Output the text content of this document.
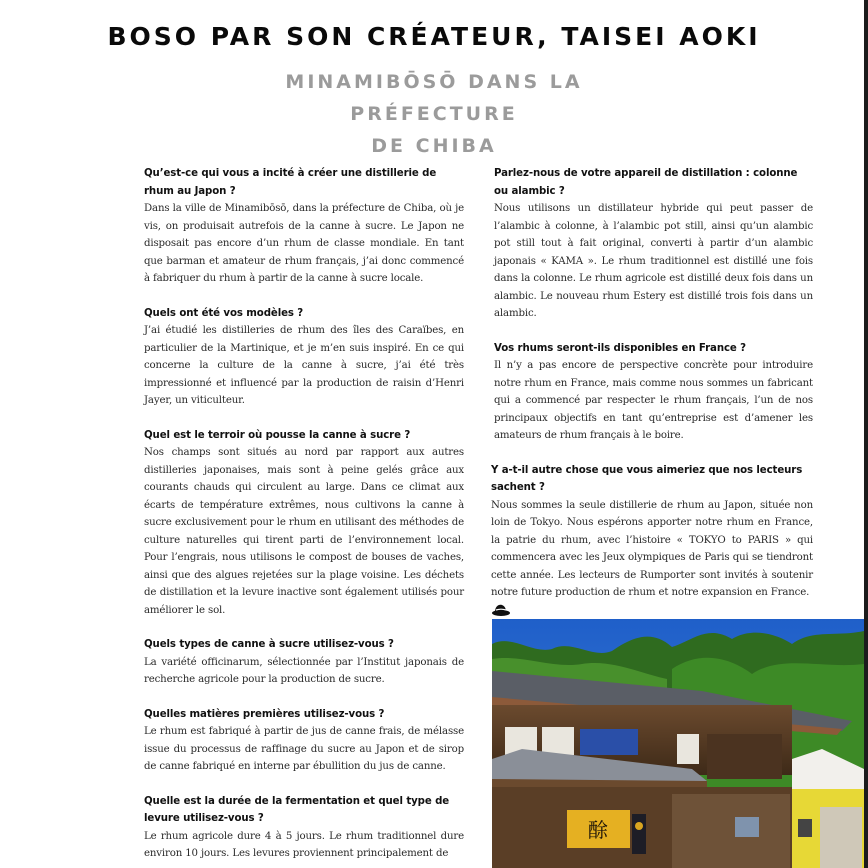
BOSO PAR SON CRÉATEUR, TAISEI AOKI
MINAMIBŌSŌ DANS LA PRÉFECTURE
DE CHIBA
Qu’est-ce qui vous a incité à créer une distillerie de rhum au Japon ?
Dans la ville de Minamibōsō, dans la préfecture de Chiba, où je vis, on produisait autrefois de la canne à sucre. Le Japon ne disposait pas encore d’un rhum de classe mondiale. En tant que barman et amateur de rhum français, j’ai donc commencé à fabriquer du rhum à partir de la canne à sucre locale.
Quels ont été vos modèles ?
J’ai étudié les distilleries de rhum des îles des Caraïbes, en particulier de la Martinique, et je m’en suis inspiré. En ce qui concerne la culture de la canne à sucre, j’ai été très impressionné et influencé par la production de raisin d’Henri Jayer, un viticulteur.
Quel est le terroir où pousse la canne à sucre ?
Nos champs sont situés au nord par rapport aux autres distilleries japonaises, mais sont à peine gelés grâce aux courants chauds qui circulent au large. Dans ce climat aux écarts de température extrêmes, nous cultivons la canne à sucre exclusivement pour le rhum en utilisant des méthodes de culture naturelles qui tirent parti de l’environnement local. Pour l’engrais, nous utilisons le compost de bouses de vaches, ainsi que des algues rejetées sur la plage voisine. Les déchets de distillation et la levure inactive sont également utilisés pour améliorer le sol.
Quels types de canne à sucre utilisez-vous ?
La variété officinarum, sélectionnée par l’Institut japonais de recherche agricole pour la production de sucre.
Quelles matières premières utilisez-vous ?
Le rhum est fabriqué à partir de jus de canne frais, de mélasse issue du processus de raffinage du sucre au Japon et de sirop de canne fabriqué en interne par ébullition du jus de canne.
Quelle est la durée de la fermentation et quel type de levure utilisez-vous ?
Le rhum agricole dure 4 à 5 jours. Le rhum traditionnel dure environ 10 jours. Les levures proviennent principalement de
Parlez-nous de votre appareil de distillation : colonne ou alambic ?
Nous utilisons un distillateur hybride qui peut passer de l’alambic à colonne, à l’alambic pot still, ainsi qu’un alambic pot still tout à fait original, converti à partir d’un alambic japonais « KAMA ». Le rhum traditionnel est distillé une fois dans la colonne. Le rhum agricole est distillé deux fois dans un alambic. Le nouveau rhum Estery est distillé trois fois dans un alambic.
Vos rhums seront-ils disponibles en France ?
Il n’y a pas encore de perspective concrète pour introduire notre rhum en France, mais comme nous sommes un fabricant qui a commencé par respecter le rhum français, l’un de nos principaux objectifs en tant qu’entreprise est d’amener les amateurs de rhum français à le boire.
Y a-t-il autre chose que vous aimeriez que nos lecteurs sachent ?
Nous sommes la seule distillerie de rhum au Japon, située non loin de Tokyo. Nous espérons apporter notre rhum en France, la patrie du rhum, avec l’histoire « TOKYO to PARIS » qui commencera avec les Jeux olympiques de Paris qui se tiendront cette année. Les lecteurs de Rumporter sont invités à soutenir notre future production de rhum et notre expansion en France.
酴
